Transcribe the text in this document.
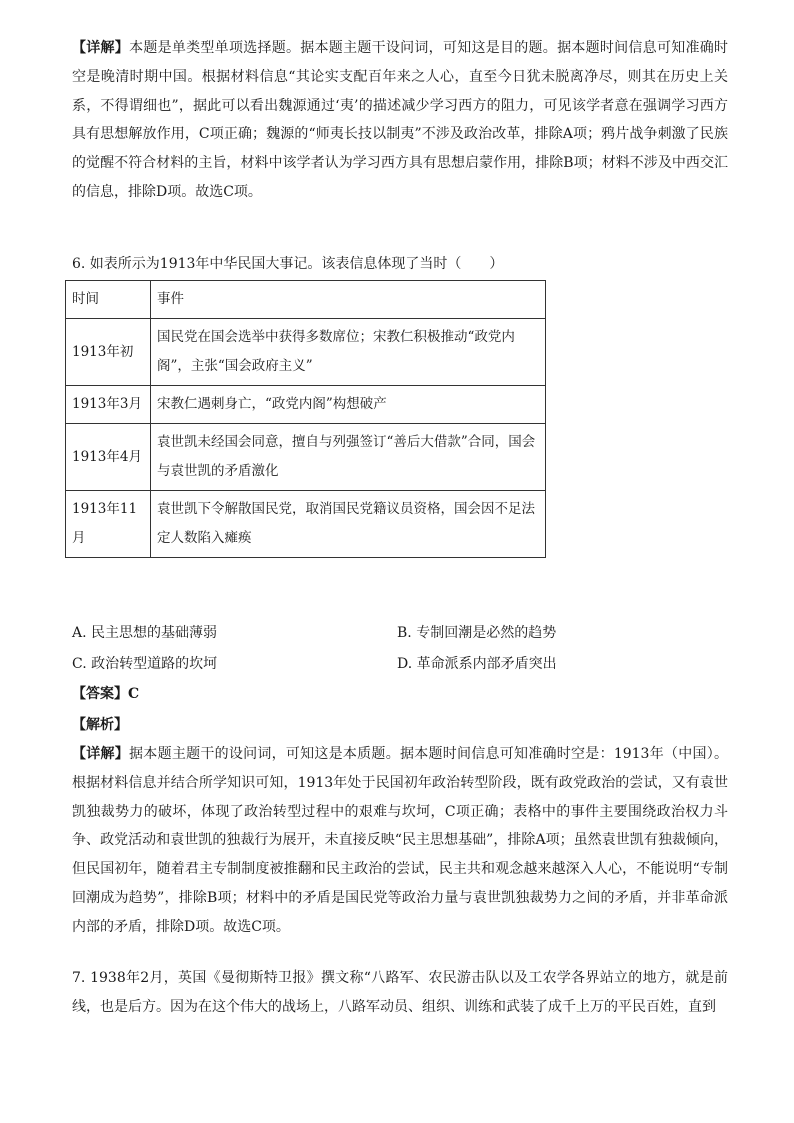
【详解】本题是单类型单项选择题。据本题主题干设问词，可知这是目的题。据本题时间信息可知准确时空是晚清时期中国。根据材料信息“其论实支配百年来之人心，直至今日犹未脱离净尽，则其在历史上关系，不得谓细也”，据此可以看出魏源通过‘夷’的描述减少学习西方的阻力，可见该学者意在强调学习西方具有思想解放作用，C项正确；魏源的“师夷长技以制夷”不涉及政治改革，排除A项；鸦片战争刺激了民族的觉醒不符合材料的主旨，材料中该学者认为学习西方具有思想启蒙作用，排除B项；材料不涉及中西交汇的信息，排除D项。故选C项。

6. 如表所示为1913年中华民国大事记。该表信息体现了当时（　　）

时间	事件
1913年初	国民党在国会选举中获得多数席位；宋教仁积极推动“政党内阁”，主张“国会政府主义”
1913年3月	宋教仁遇刺身亡，“政党内阁”构想破产
1913年4月	袁世凯未经国会同意，擅自与列强签订“善后大借款”合同，国会与袁世凯的矛盾激化
1913年11月	袁世凯下令解散国民党，取消国民党籍议员资格，国会因不足法定人数陷入瘫痪
A. 民主思想的基础薄弱	B. 专制回潮是必然的趋势
C. 政治转型道路的坎坷	D. 革命派系内部矛盾突出
【答案】C
【解析】

【详解】据本题主题干的设问词，可知这是本质题。据本题时间信息可知准确时空是：1913年（中国）。根据材料信息并结合所学知识可知，1913年处于民国初年政治转型阶段，既有政党政治的尝试，又有袁世凯独裁势力的破坏，体现了政治转型过程中的艰难与坎坷，C项正确；表格中的事件主要围绕政治权力斗争、政党活动和袁世凯的独裁行为展开，未直接反映“民主思想基础”，排除A项；虽然袁世凯有独裁倾向，但民国初年，随着君主专制制度被推翻和民主政治的尝试，民主共和观念越来越深入人心，不能说明“专制回潮成为趋势”，排除B项；材料中的矛盾是国民党等政治力量与袁世凯独裁势力之间的矛盾，并非革命派内部的矛盾，排除D项。故选C项。

7. 1938年2月，英国《曼彻斯特卫报》撰文称“八路军、农民游击队以及工农学各界站立的地方，就是前线，也是后方。因为在这个伟大的战场上，八路军动员、组织、训练和武装了成千上万的平民百姓，直到
